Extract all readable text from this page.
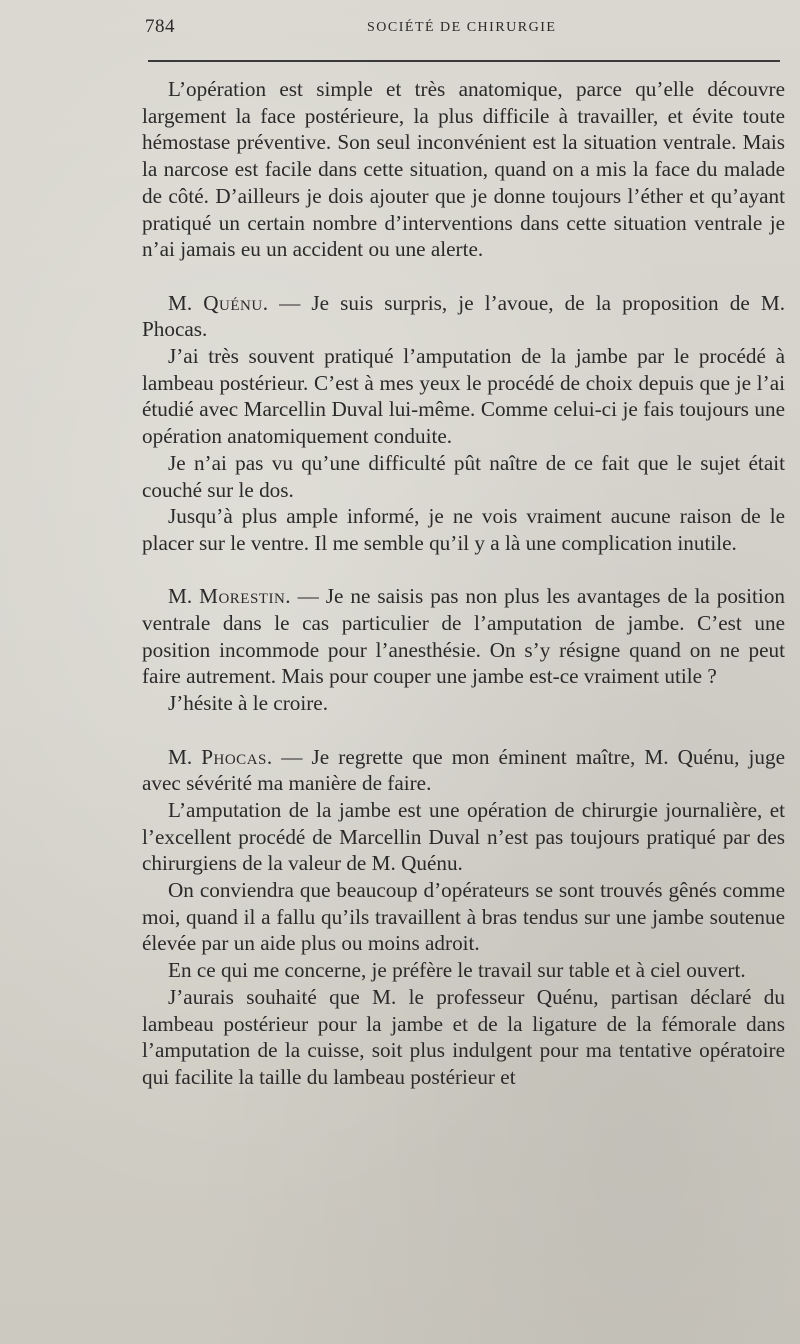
784	SOCIÉTÉ DE CHIRURGIE

L’opération est simple et très anatomique, parce qu’elle découvre largement la face postérieure, la plus difficile à travailler, et évite toute hémostase préventive. Son seul inconvénient est la situation ventrale. Mais la narcose est facile dans cette situation, quand on a mis la face du malade de côté. D’ailleurs je dois ajouter que je donne toujours l’éther et qu’ayant pratiqué un certain nombre d’interventions dans cette situation ventrale je n’ai jamais eu un accident ou une alerte.

M. Quénu. — Je suis surpris, je l’avoue, de la proposition de M. Phocas.

J’ai très souvent pratiqué l’amputation de la jambe par le procédé à lambeau postérieur. C’est à mes yeux le procédé de choix depuis que je l’ai étudié avec Marcellin Duval lui-même. Comme celui-ci je fais toujours une opération anatomiquement conduite.

Je n’ai pas vu qu’une difficulté pût naître de ce fait que le sujet était couché sur le dos.

Jusqu’à plus ample informé, je ne vois vraiment aucune raison de le placer sur le ventre. Il me semble qu’il y a là une complication inutile.

M. Morestin. — Je ne saisis pas non plus les avantages de la position ventrale dans le cas particulier de l’amputation de jambe. C’est une position incommode pour l’anesthésie. On s’y résigne quand on ne peut faire autrement. Mais pour couper une jambe est-ce vraiment utile ?

J’hésite à le croire.

M. Phocas. — Je regrette que mon éminent maître, M. Quénu, juge avec sévérité ma manière de faire.

L’amputation de la jambe est une opération de chirurgie journalière, et l’excellent procédé de Marcellin Duval n’est pas toujours pratiqué par des chirurgiens de la valeur de M. Quénu.

On conviendra que beaucoup d’opérateurs se sont trouvés gênés comme moi, quand il a fallu qu’ils travaillent à bras tendus sur une jambe soutenue élevée par un aide plus ou moins adroit.

En ce qui me concerne, je préfère le travail sur table et à ciel ouvert.

J’aurais souhaité que M. le professeur Quénu, partisan déclaré du lambeau postérieur pour la jambe et de la ligature de la fémorale dans l’amputation de la cuisse, soit plus indulgent pour ma tentative opératoire qui facilite la taille du lambeau postérieur et
